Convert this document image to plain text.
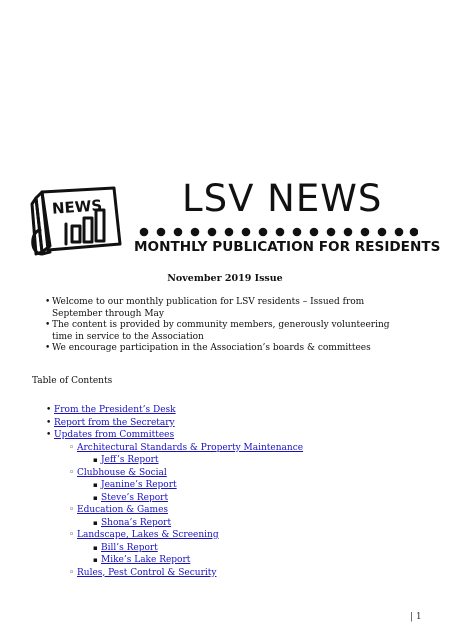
NEWS LSV NEWS
MONTHLY PUBLICATION FOR RESIDENTS
November 2019 Issue
• Welcome to our monthly publication for LSV residents – Issued from September through May
• The content is provided by community members, generously volunteering time in service to the Association
• We encourage participation in the Association’s boards & committees
Table of Contents
• From the President’s Desk
• Report from the Secretary
• Updates from Committees
◦ Architectural Standards & Property Maintenance
▪ Jeff’s Report
◦ Clubhouse & Social
▪ Jeanine’s Report
▪ Steve’s Report
◦ Education & Games
▪ Shona’s Report
◦ Landscape, Lakes & Screening
▪ Bill’s Report
▪ Mike’s Lake Report
◦ Rules, Pest Control & Security
| 1
